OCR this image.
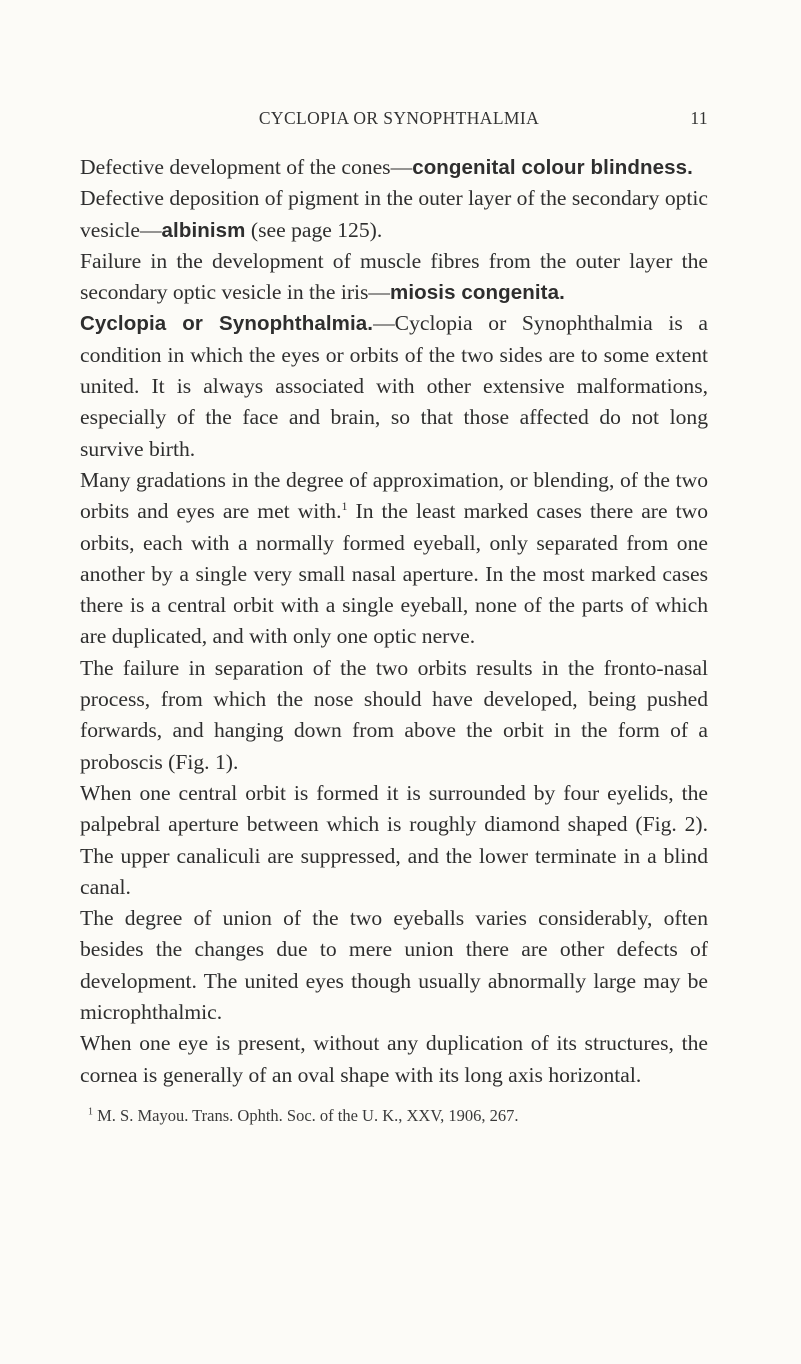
CYCLOPIA OR SYNOPHTHALMIA	11

Defective development of the cones—congenital colour blindness.

Defective deposition of pigment in the outer layer of the secondary optic vesicle—albinism (see page 125).

Failure in the development of muscle fibres from the outer layer the secondary optic vesicle in the iris—miosis congenita.

Cyclopia or Synophthalmia.—Cyclopia or Synophthalmia is a condition in which the eyes or orbits of the two sides are to some extent united. It is always associated with other extensive malformations, especially of the face and brain, so that those affected do not long survive birth.

Many gradations in the degree of approximation, or blending, of the two orbits and eyes are met with.$^1$ In the least marked cases there are two orbits, each with a normally formed eyeball, only separated from one another by a single very small nasal aperture. In the most marked cases there is a central orbit with a single eyeball, none of the parts of which are duplicated, and with only one optic nerve.

The failure in separation of the two orbits results in the fronto-nasal process, from which the nose should have developed, being pushed forwards, and hanging down from above the orbit in the form of a proboscis (Fig. 1).

When one central orbit is formed it is surrounded by four eyelids, the palpebral aperture between which is roughly diamond shaped (Fig. 2). The upper canaliculi are suppressed, and the lower terminate in a blind canal.

The degree of union of the two eyeballs varies considerably, often besides the changes due to mere union there are other defects of development. The united eyes though usually abnormally large may be microphthalmic.

When one eye is present, without any duplication of its structures, the cornea is generally of an oval shape with its long axis horizontal.

$^1$ M. S. Mayou. Trans. Ophth. Soc. of the U. K., XXV, 1906, 267.
